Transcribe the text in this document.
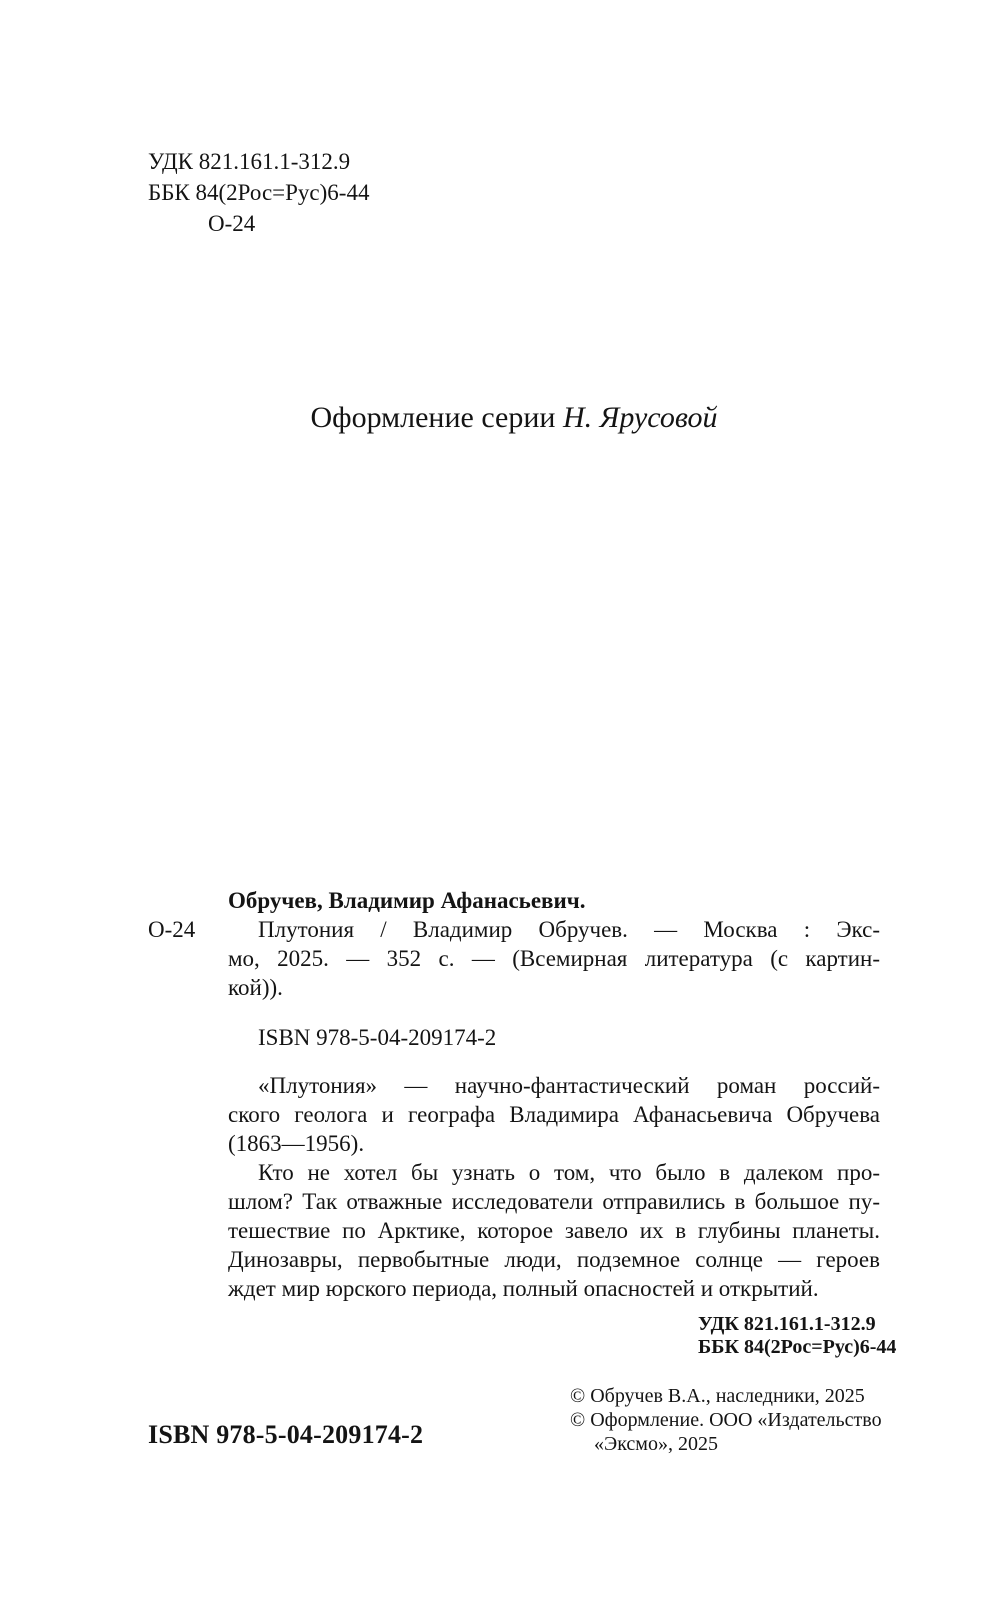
УДК 821.161.1-312.9
ББК 84(2Рос=Рус)6-44
О-24
Оформление серии Н. Ярусовой
О-24
Обручев, Владимир Афанасьевич.
Плутония / Владимир Обручев. — Москва : Экс-
мо, 2025. — 352 с. — (Всемирная литература (с картин-
кой)).
ISBN 978-5-04-209174-2
«Плутония» — научно-фантастический роман россий-
ского геолога и географа Владимира Афанасьевича Обручева
(1863—1956).
Кто не хотел бы узнать о том, что было в далеком про-
шлом? Так отважные исследователи отправились в большое пу-
тешествие по Арктике, которое завело их в глубины планеты.
Динозавры, первобытные люди, подземное солнце — героев
ждет мир юрского периода, полный опасностей и открытий.
УДК 821.161.1-312.9
ББК 84(2Рос=Рус)6-44
© Обручев В.А., наследники, 2025
© Оформление. ООО «Издательство
«Эксмо», 2025
ISBN 978-5-04-209174-2
